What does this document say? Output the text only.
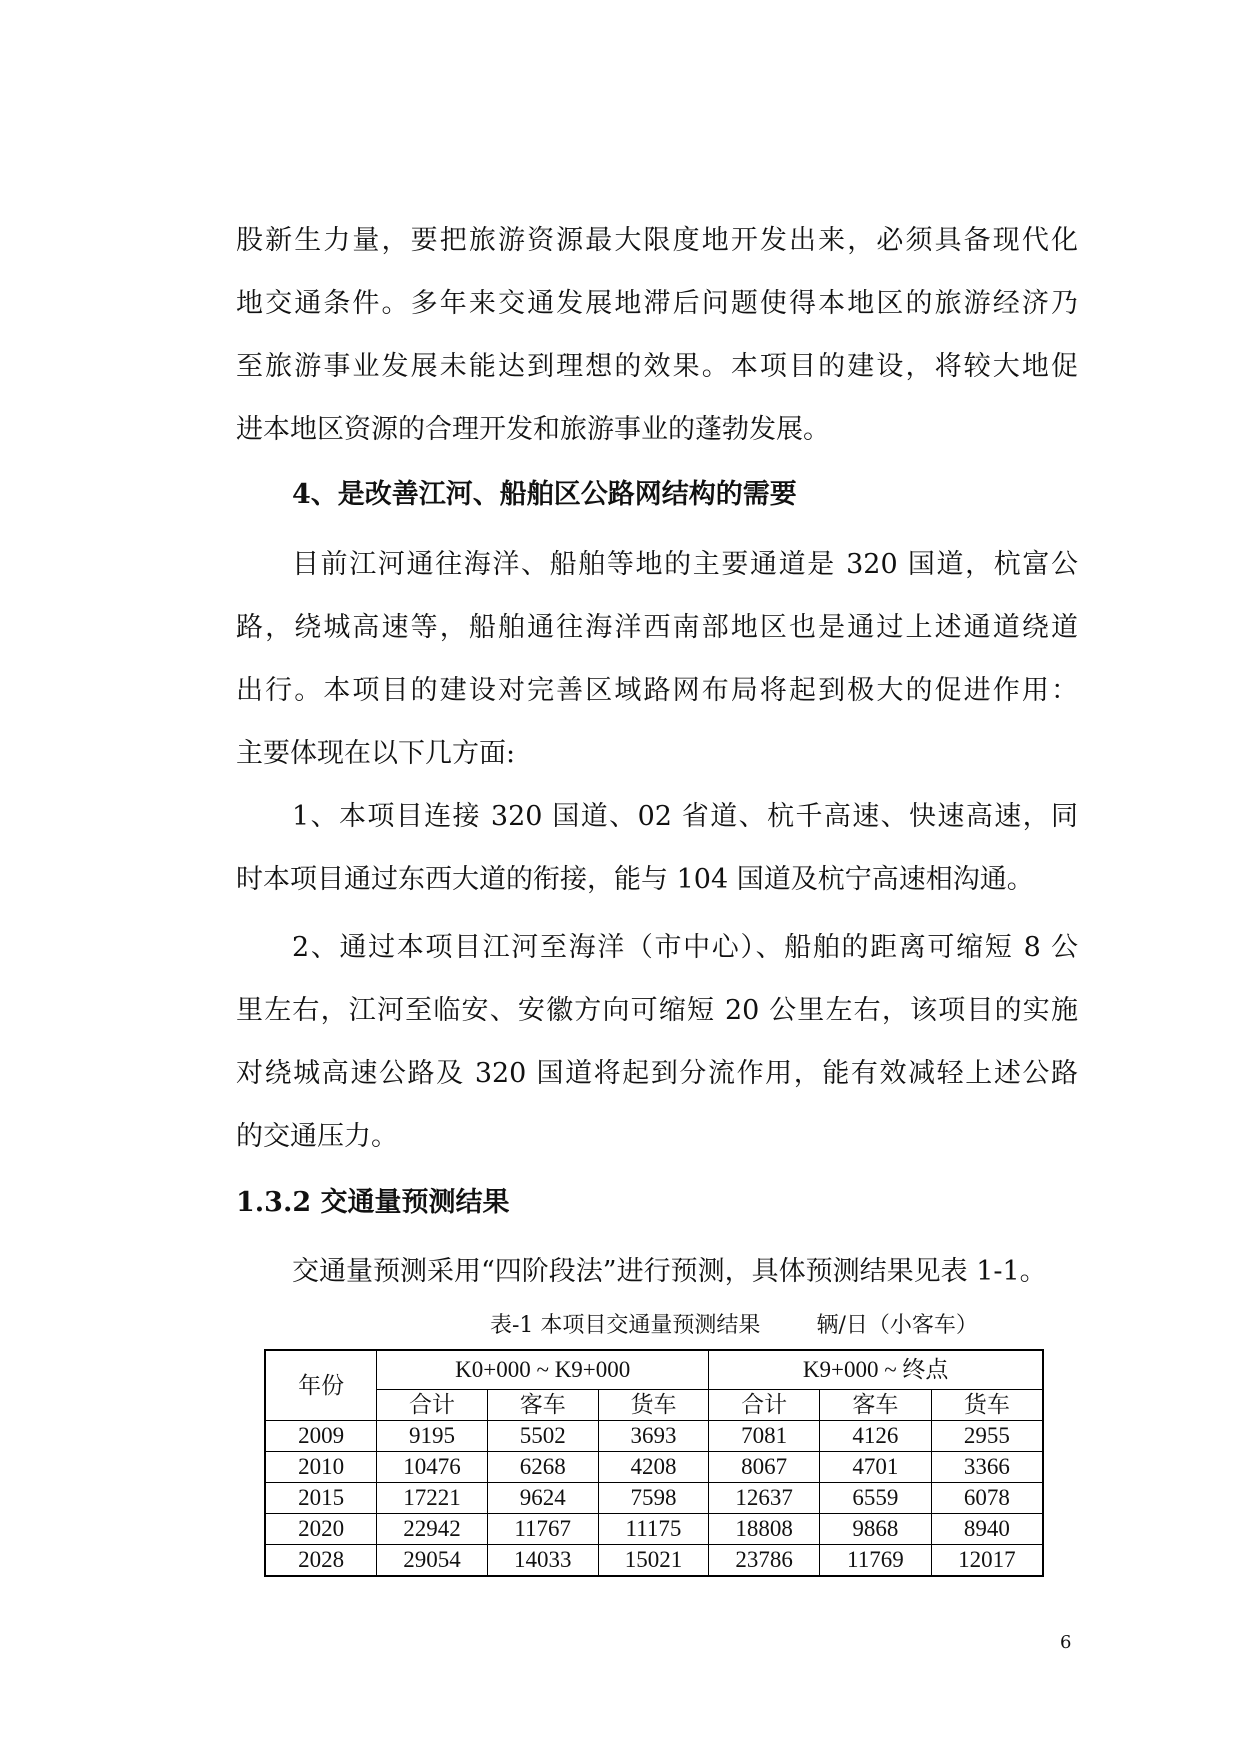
股新生力量，要把旅游资源最大限度地开发出来，必须具备现代化
地交通条件。多年来交通发展地滞后问题使得本地区的旅游经济乃
至旅游事业发展未能达到理想的效果。本项目的建设，将较大地促
进本地区资源的合理开发和旅游事业的蓬勃发展。
4、是改善江河、船舶区公路网结构的需要
目前江河通往海洋、船舶等地的主要通道是 320 国道，杭富公
路，绕城高速等，船舶通往海洋西南部地区也是通过上述通道绕道
出行。本项目的建设对完善区域路网布局将起到极大的促进作用：
主要体现在以下几方面:
1、本项目连接 320 国道、02 省道、杭千高速、快速高速，同
时本项目通过东西大道的衔接，能与 104 国道及杭宁高速相沟通。
2、通过本项目江河至海洋（市中心）、船舶的距离可缩短 8 公
里左右，江河至临安、安徽方向可缩短 20 公里左右，该项目的实施
对绕城高速公路及 320 国道将起到分流作用，能有效减轻上述公路
的交通压力。
1.3.2 交通量预测结果
交通量预测采用“四阶段法”进行预测，具体预测结果见表 1-1。
表-1 本项目交通量预测结果	辆/日（小客车）
年份	K0+000 ~ K9+000			K9+000 ~ 终点		
	合计	客车	货车	合计	客车	货车
2009	9195	5502	3693	7081	4126	2955
2010	10476	6268	4208	8067	4701	3366
2015	17221	9624	7598	12637	6559	6078
2020	22942	11767	11175	18808	9868	8940
2028	29054	14033	15021	23786	11769	12017
6
